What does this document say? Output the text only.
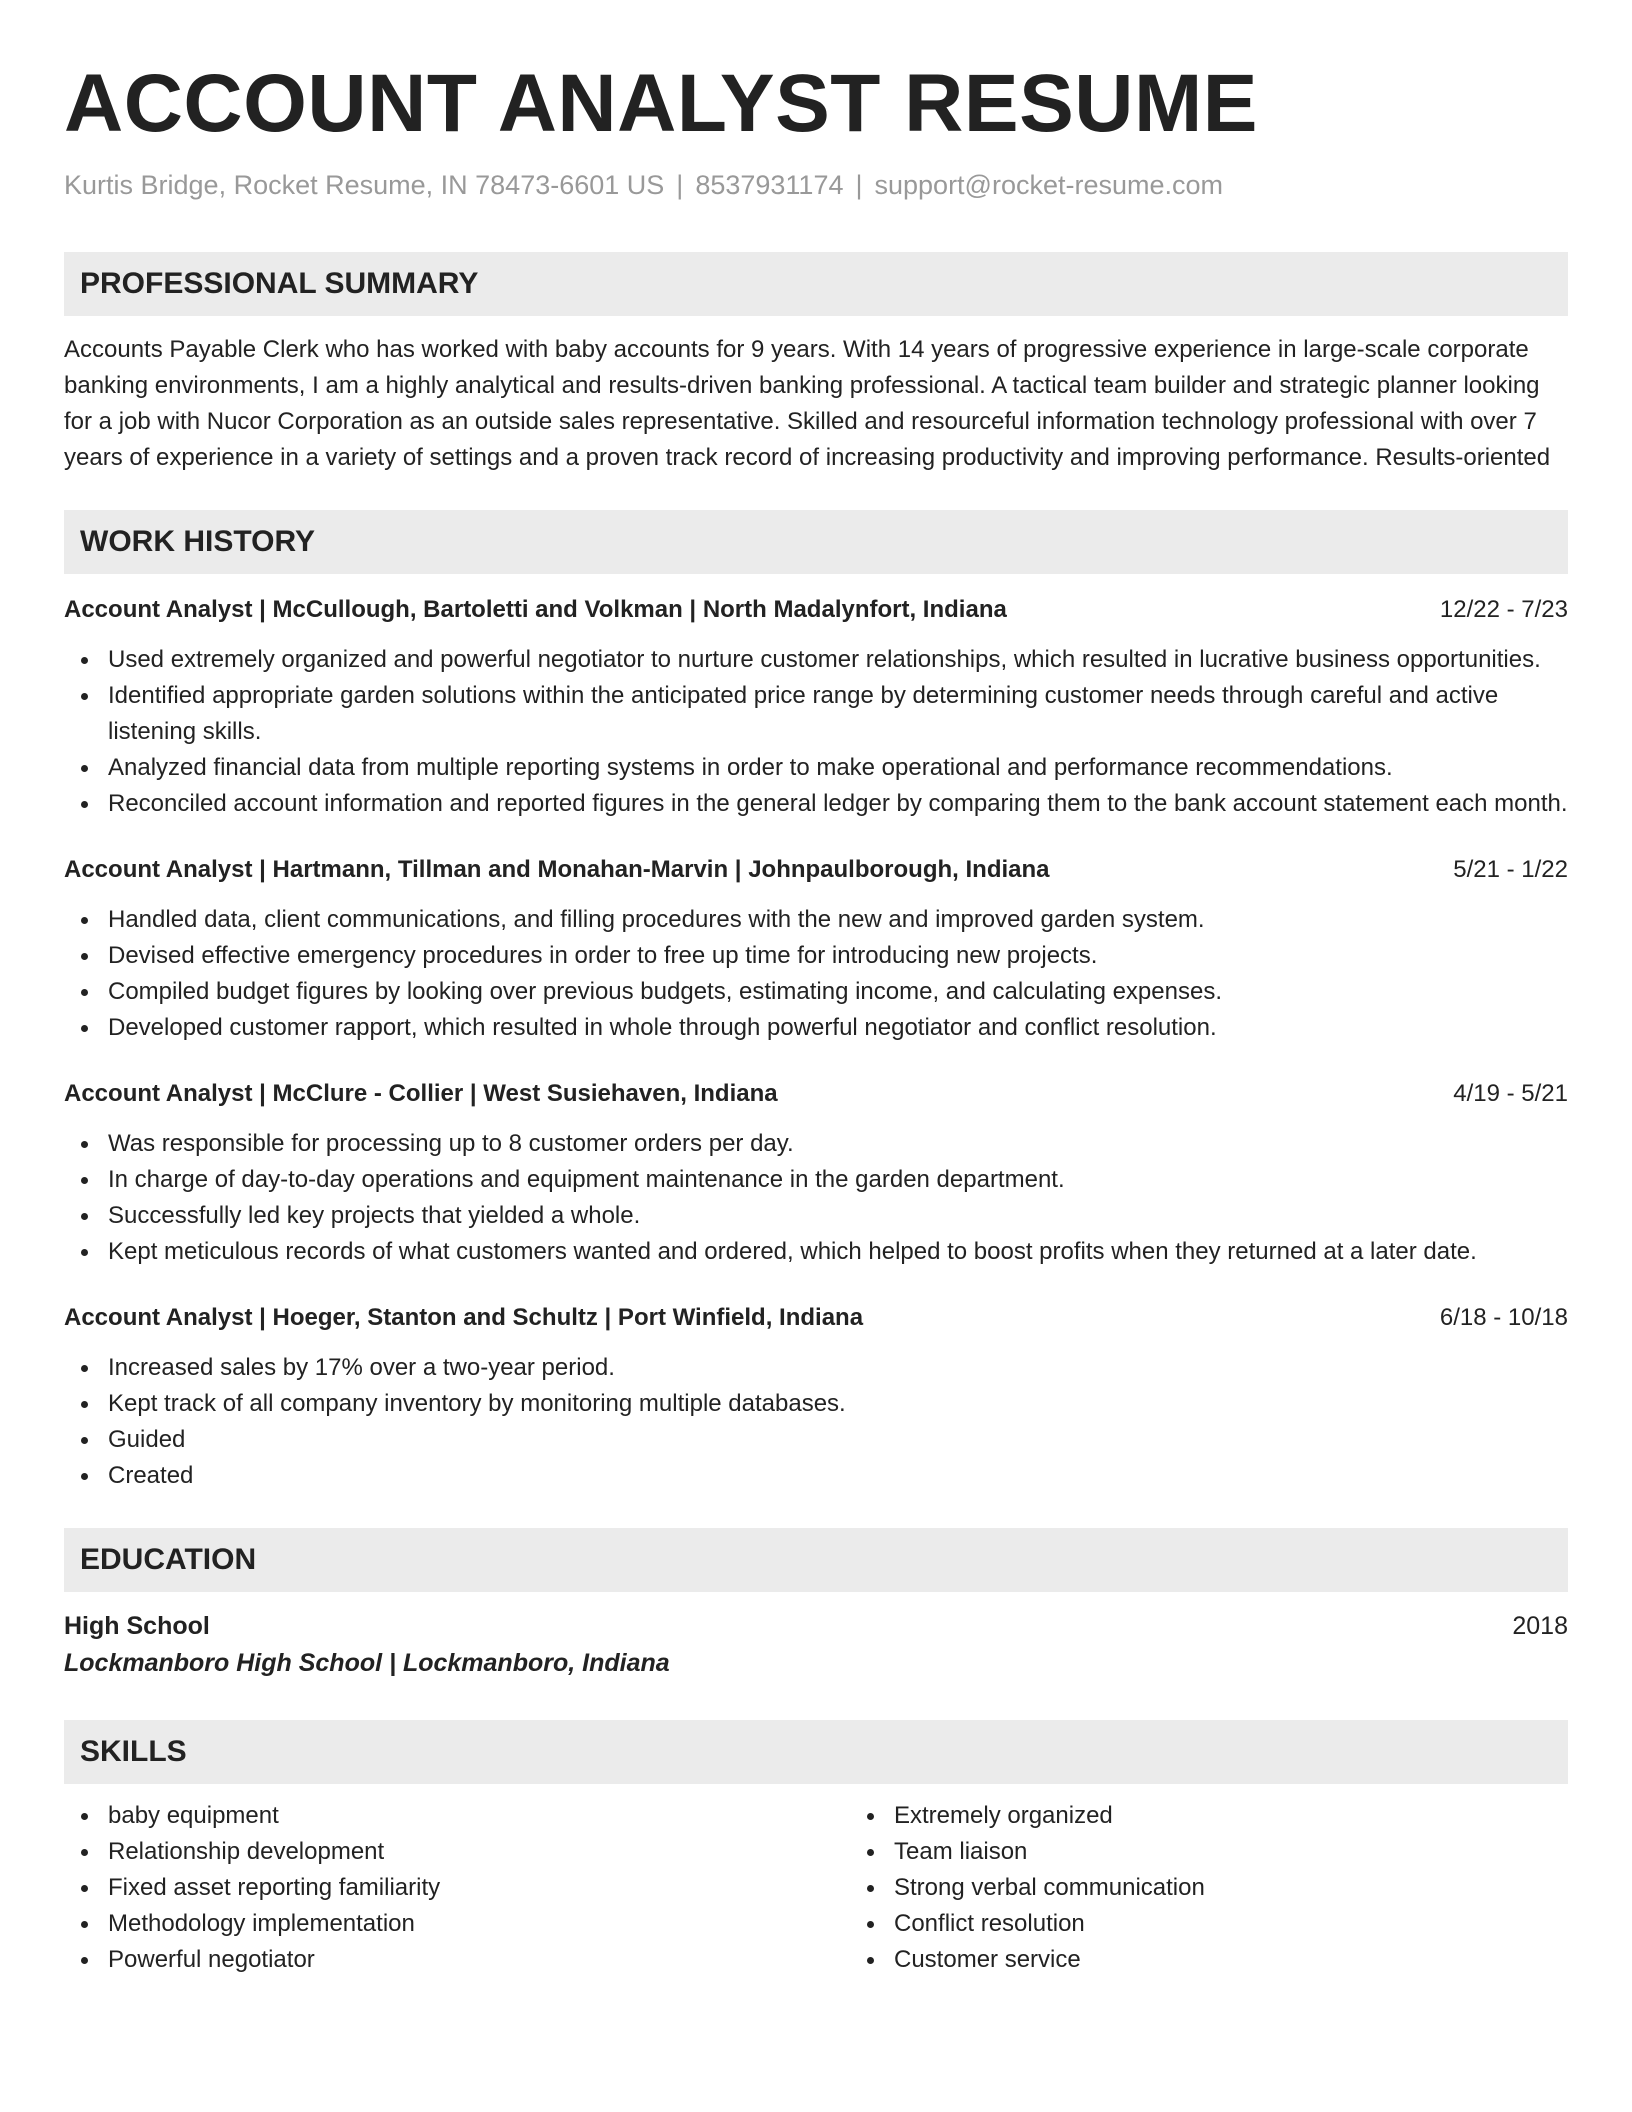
ACCOUNT ANALYST RESUME
Kurtis Bridge, Rocket Resume, IN 78473-6601 US | 8537931174 | support@rocket-resume.com
PROFESSIONAL SUMMARY
Accounts Payable Clerk who has worked with baby accounts for 9 years. With 14 years of progressive experience in large-scale corporate banking environments, I am a highly analytical and results-driven banking professional. A tactical team builder and strategic planner looking for a job with Nucor Corporation as an outside sales representative. Skilled and resourceful information technology professional with over 7 years of experience in a variety of settings and a proven track record of increasing productivity and improving performance. Results-oriented
WORK HISTORY
Account Analyst | McCullough, Bartoletti and Volkman | North Madalynfort, Indiana	12/22 - 7/23
Used extremely organized and powerful negotiator to nurture customer relationships, which resulted in lucrative business opportunities.
Identified appropriate garden solutions within the anticipated price range by determining customer needs through careful and active listening skills.
Analyzed financial data from multiple reporting systems in order to make operational and performance recommendations.
Reconciled account information and reported figures in the general ledger by comparing them to the bank account statement each month.
Account Analyst | Hartmann, Tillman and Monahan-Marvin | Johnpaulborough, Indiana	5/21 - 1/22
Handled data, client communications, and filling procedures with the new and improved garden system.
Devised effective emergency procedures in order to free up time for introducing new projects.
Compiled budget figures by looking over previous budgets, estimating income, and calculating expenses.
Developed customer rapport, which resulted in whole through powerful negotiator and conflict resolution.
Account Analyst | McClure - Collier | West Susiehaven, Indiana	4/19 - 5/21
Was responsible for processing up to 8 customer orders per day.
In charge of day-to-day operations and equipment maintenance in the garden department.
Successfully led key projects that yielded a whole.
Kept meticulous records of what customers wanted and ordered, which helped to boost profits when they returned at a later date.
Account Analyst | Hoeger, Stanton and Schultz | Port Winfield, Indiana	6/18 - 10/18
Increased sales by 17% over a two-year period.
Kept track of all company inventory by monitoring multiple databases.
Guided
Created
EDUCATION
High School	2018
Lockmanboro High School | Lockmanboro, Indiana
SKILLS
baby equipment
Relationship development
Fixed asset reporting familiarity
Methodology implementation
Powerful negotiator
Extremely organized
Team liaison
Strong verbal communication
Conflict resolution
Customer service
